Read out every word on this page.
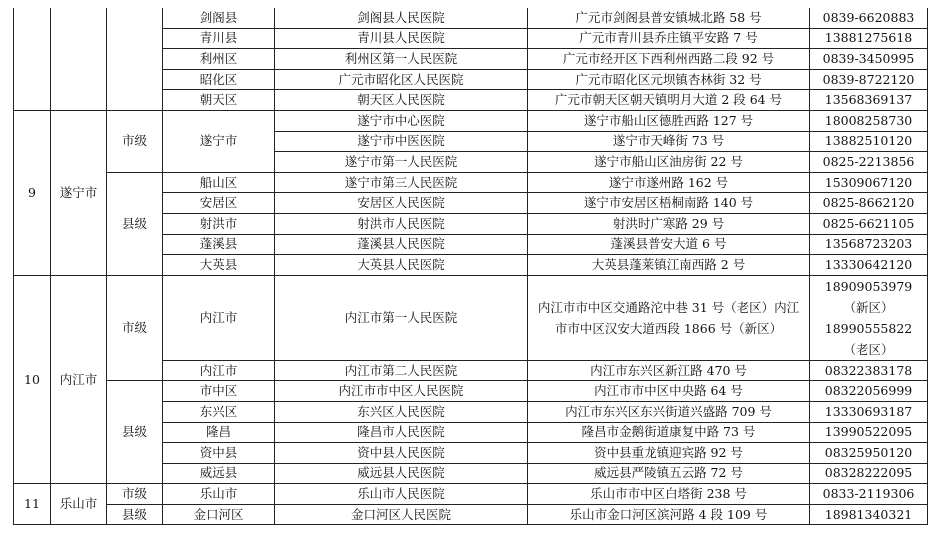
			剑阁县	剑阁县人民医院	广元市剑阁县普安镇城北路 58 号	0839-6620883
			青川县	青川县人民医院	广元市青川县乔庄镇平安路 7 号	13881275618
			利州区	利州区第一人民医院	广元市经开区下西利州西路二段 92 号	0839-3450995
			昭化区	广元市昭化区人民医院	广元市昭化区元坝镇杏林街 32 号	0839-8722120
			朝天区	朝天区人民医院	广元市朝天区朝天镇明月大道 2 段 64 号	13568369137
9	遂宁市	市级	遂宁市	遂宁市中心医院	遂宁市船山区德胜西路 127 号	18008258730
				遂宁市中医医院	遂宁市天峰街 73 号	13882510120
				遂宁市第一人民医院	遂宁市船山区油房街 22 号	0825-2213856
		县级	船山区	遂宁市第三人民医院	遂宁市遂州路 162 号	15309067120
			安居区	安居区人民医院	遂宁市安居区梧桐南路 140 号	0825-8662120
			射洪市	射洪市人民医院	射洪时广寒路 29 号	0825-6621105
			蓬溪县	蓬溪县人民医院	蓬溪县普安大道 6 号	13568723203
			大英县	大英县人民医院	大英县蓬莱镇江南西路 2 号	13330642120
10	内江市	市级	内江市	内江市第一人民医院	内江市市中区交通路沱中巷 31 号（老区）内江市市中区汉安大道西段 1866 号（新区）	18909053979（新区）18990555822（老区）
			内江市	内江市第二人民医院	内江市东兴区新江路 470 号	08322383178
		县级	市中区	内江市市中区人民医院	内江市市中区中央路 64 号	08322056999
			东兴区	东兴区人民医院	内江市东兴区东兴街道兴盛路 709 号	13330693187
			隆昌	隆昌市人民医院	隆昌市金鹅街道康复中路 73 号	13990522095
			资中县	资中县人民医院	资中县重龙镇迎宾路 92 号	08325950120
			威远县	威远县人民医院	威远县严陵镇五云路 72 号	08328222095
11	乐山市	市级	乐山市	乐山市人民医院	乐山市市中区白塔街 238 号	0833-2119306
		县级	金口河区	金口河区人民医院	乐山市金口河区滨河路 4 段 109 号	18981340321
